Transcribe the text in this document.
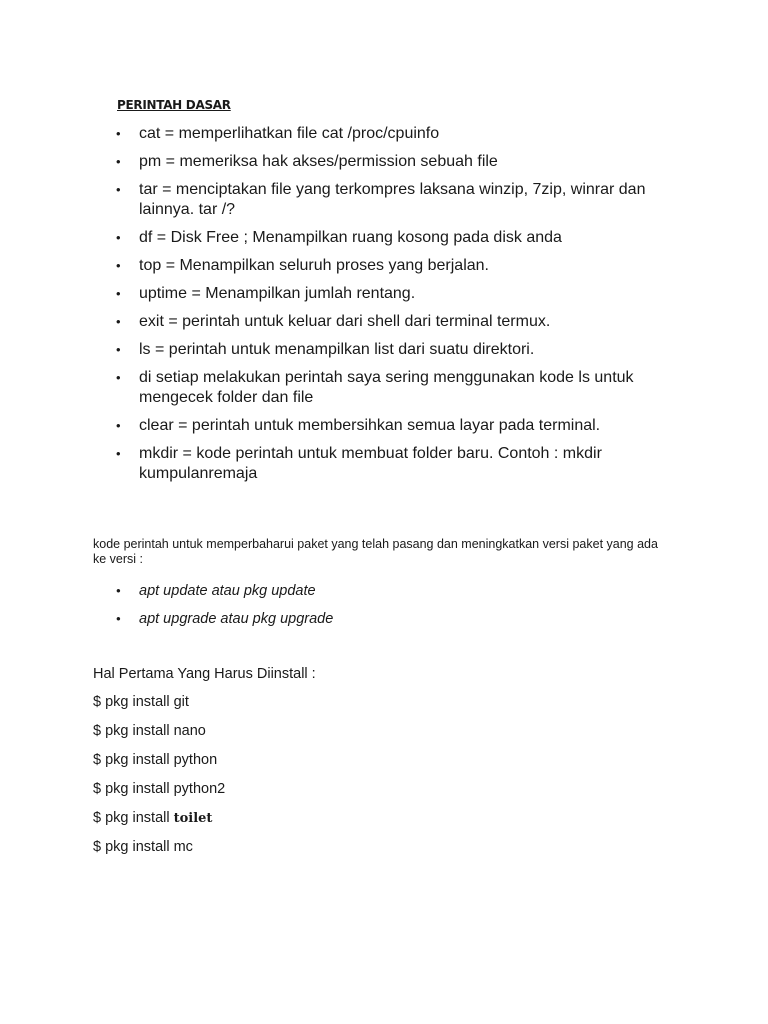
PERINTAH DASAR
• cat = memperlihatkan file cat /proc/cpuinfo
• pm = memeriksa hak akses/permission sebuah file
• tar = menciptakan file yang terkompres laksana winzip, 7zip, winrar dan lainnya. tar /?
• df = Disk Free ; Menampilkan ruang kosong pada disk anda
• top = Menampilkan seluruh proses yang berjalan.
• uptime = Menampilkan jumlah rentang.
• exit = perintah untuk keluar dari shell dari terminal termux.
• ls = perintah untuk menampilkan list dari suatu direktori.
• di setiap melakukan perintah saya sering menggunakan kode ls untuk mengecek folder dan file
• clear = perintah untuk membersihkan semua layar pada terminal.
• mkdir = kode perintah untuk membuat folder baru. Contoh : mkdir kumpulanremaja
kode perintah untuk memperbaharui paket yang telah pasang dan meningkatkan versi paket yang ada ke versi :
• apt update atau pkg update
• apt upgrade atau pkg upgrade
Hal Pertama Yang Harus Diinstall :
$ pkg install git
$ pkg install nano
$ pkg install python
$ pkg install python2
$ pkg install toilet
$ pkg install mc
